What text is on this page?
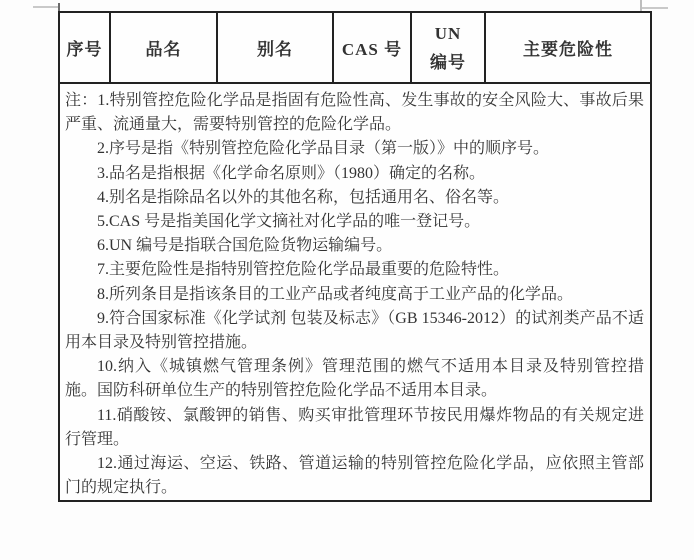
序号	品名	别名	CAS 号	UN 编号	主要危险性

注：1.特别管控危险化学品是指固有危险性高、发生事故的安全风险大、事故后果严重、流通量大，需要特别管控的危险化学品。

2.序号是指《特别管控危险化学品目录（第一版）》中的顺序号。

3.品名是指根据《化学命名原则》（1980）确定的名称。

4.别名是指除品名以外的其他名称，包括通用名、俗名等。

5.CAS 号是指美国化学文摘社对化学品的唯一登记号。

6.UN 编号是指联合国危险货物运输编号。

7.主要危险性是指特别管控危险化学品最重要的危险特性。

8.所列条目是指该条目的工业产品或者纯度高于工业产品的化学品。

9.符合国家标准《化学试剂 包装及标志》（GB 15346-2012）的试剂类产品不适用本目录及特别管控措施。

10.纳入《城镇燃气管理条例》管理范围的燃气不适用本目录及特别管控措施。国防科研单位生产的特别管控危险化学品不适用本目录。

11.硝酸铵、氯酸钾的销售、购买审批管理环节按民用爆炸物品的有关规定进行管理。

12.通过海运、空运、铁路、管道运输的特别管控危险化学品，应依照主管部门的规定执行。
